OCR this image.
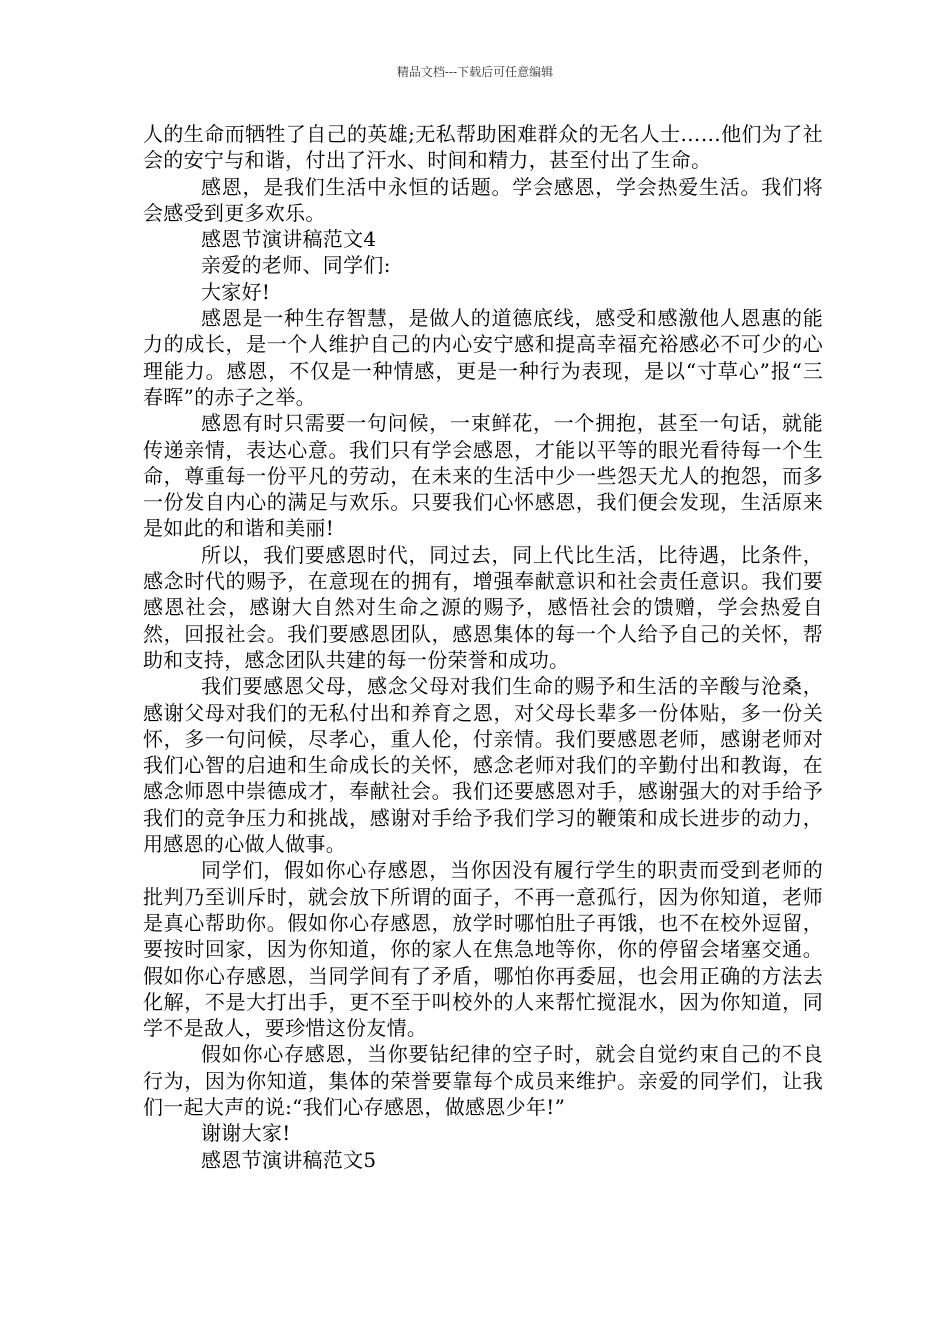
精品文档---下载后可任意编辑

人的生命而牺牲了自己的英雄;无私帮助困难群众的无名人士……他们为了社会的安宁与和谐，付出了汗水、时间和精力，甚至付出了生命。

感恩，是我们生活中永恒的话题。学会感恩，学会热爱生活。我们将会感受到更多欢乐。

感恩节演讲稿范文4

亲爱的老师、同学们:

大家好!

感恩是一种生存智慧，是做人的道德底线，感受和感激他人恩惠的能力的成长，是一个人维护自己的内心安宁感和提高幸福充裕感必不可少的心理能力。感恩，不仅是一种情感，更是一种行为表现，是以“寸草心”报“三春晖”的赤子之举。

感恩有时只需要一句问候，一束鲜花，一个拥抱，甚至一句话，就能传递亲情，表达心意。我们只有学会感恩，才能以平等的眼光看待每一个生命，尊重每一份平凡的劳动，在未来的生活中少一些怨天尤人的抱怨，而多一份发自内心的满足与欢乐。只要我们心怀感恩，我们便会发现，生活原来是如此的和谐和美丽!

所以，我们要感恩时代，同过去，同上代比生活，比待遇，比条件，感念时代的赐予，在意现在的拥有，增强奉献意识和社会责任意识。我们要感恩社会，感谢大自然对生命之源的赐予，感悟社会的馈赠，学会热爱自然，回报社会。我们要感恩团队，感恩集体的每一个人给予自己的关怀，帮助和支持，感念团队共建的每一份荣誉和成功。

我们要感恩父母，感念父母对我们生命的赐予和生活的辛酸与沧桑，感谢父母对我们的无私付出和养育之恩，对父母长辈多一份体贴，多一份关怀，多一句问候，尽孝心，重人伦，付亲情。我们要感恩老师，感谢老师对我们心智的启迪和生命成长的关怀，感念老师对我们的辛勤付出和教诲，在感念师恩中崇德成才，奉献社会。我们还要感恩对手，感谢强大的对手给予我们的竞争压力和挑战，感谢对手给予我们学习的鞭策和成长进步的动力，用感恩的心做人做事。

同学们，假如你心存感恩，当你因没有履行学生的职责而受到老师的批判乃至训斥时，就会放下所谓的面子，不再一意孤行，因为你知道，老师是真心帮助你。假如你心存感恩，放学时哪怕肚子再饿，也不在校外逗留，要按时回家，因为你知道，你的家人在焦急地等你，你的停留会堵塞交通。假如你心存感恩，当同学间有了矛盾，哪怕你再委屈，也会用正确的方法去化解，不是大打出手，更不至于叫校外的人来帮忙搅混水，因为你知道，同学不是敌人，要珍惜这份友情。

假如你心存感恩，当你要钻纪律的空子时，就会自觉约束自己的不良行为，因为你知道，集体的荣誉要靠每个成员来维护。亲爱的同学们，让我们一起大声的说:“我们心存感恩，做感恩少年!”

谢谢大家!

感恩节演讲稿范文5
